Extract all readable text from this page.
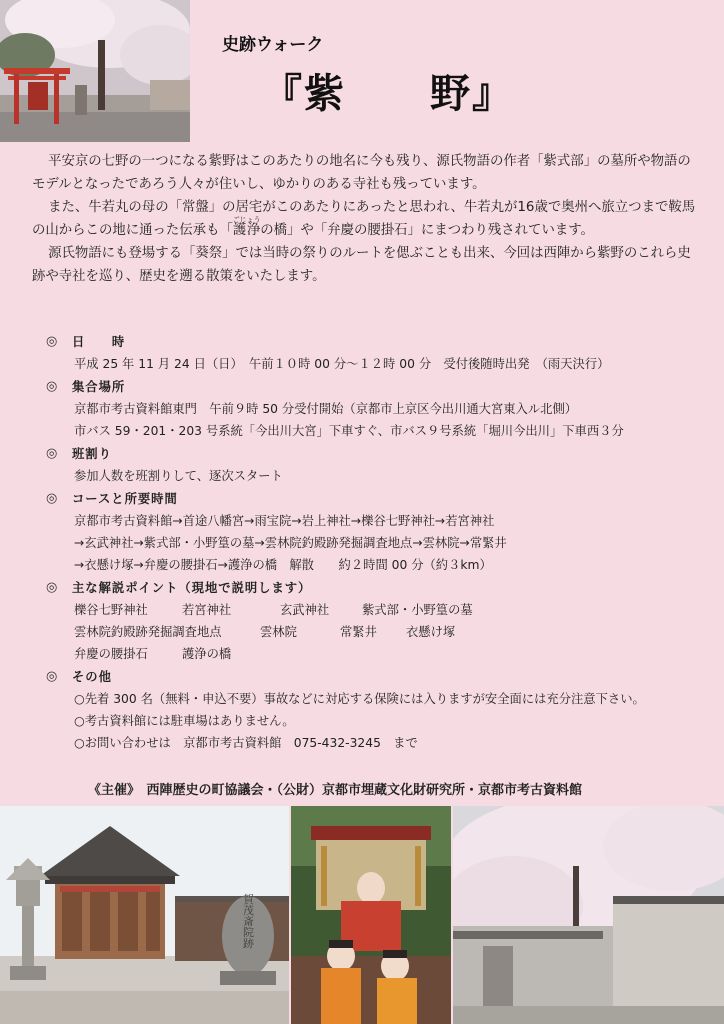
史跡ウォーク
『紫　　野』

平安京の七野の一つになる紫野はこのあたりの地名に今も残り、源氏物語の作者「紫式部」の墓所や物語のモデルとなったであろう人々が住いし、ゆかりのある寺社も残っています。

また、牛若丸の母の「常盤」の居宅がこのあたりにあったと思われ、牛若丸が16歳で奥州へ旅立つまで鞍馬の山からこの地に通った伝承も「護浄ごじょうの橋」や「弁慶の腰掛石」にまつわり残されています。

源氏物語にも登場する「葵祭」では当時の祭りのルートを偲ぶことも出来、今回は西陣から紫野のこれら史跡や寺社を巡り、歴史を遡る散策をいたします。

◎	日　　時
平成 25 年 11 月 24 日（日）　午前１０時 00 分〜１２時 00 分　受付後随時出発　（雨天決行）
◎	集合場所
京都市考古資料館東門　午前９時 50 分受付開始（京都市上京区今出川通大宮東入ル北側）
市バス 59・201・203 号系統「今出川大宮」下車すぐ、市バス９号系統「堀川今出川」下車西３分
◎	班割り
参加人数を班割りして、逐次スタート
◎	コースと所要時間
京都市考古資料館→首途八幡宮→雨宝院→岩上神社→櫟谷七野神社→若宮神社
→玄武神社→紫式部・小野篁の墓→雲林院釣殿跡発掘調査地点→雲林院→常緊井
→衣懸け塚→弁慶の腰掛石→護浄の橋　解散　　約２時間 00 分（約３km）
◎	主な解説ポイント（現地で説明します）
櫟谷七野神社	若宮神社	玄武神社	紫式部・小野篁の墓
雲林院釣殿跡発掘調査地点	雲林院	常緊井	衣懸け塚
弁慶の腰掛石	護浄の橋
◎	その他
○先着 300 名（無料・申込不要）事故などに対応する保険には入りますが安全面には充分注意下さい。
○考古資料館には駐車場はありません。
○お問い合わせは　京都市考古資料館　075-432-3245　まで
《主催》　西陣歴史の町協議会・（公財）京都市埋蔵文化財研究所・京都市考古資料館
賀茂斎院跡
